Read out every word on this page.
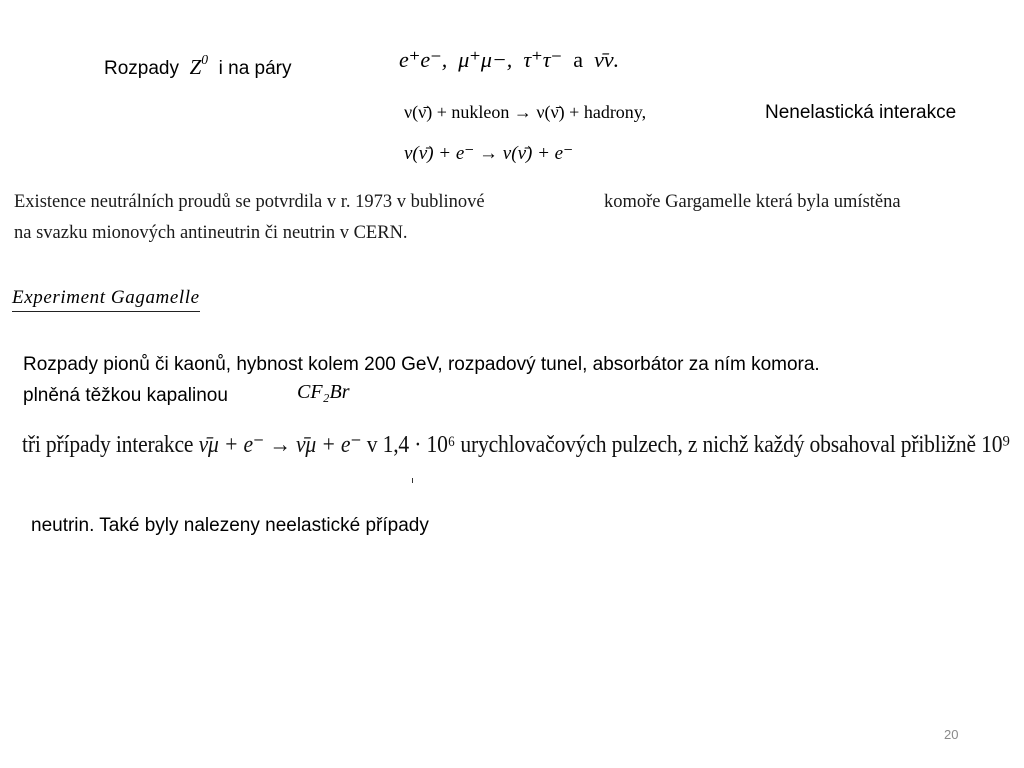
Rozpady $Z^0$ i na páry	e⁺e⁻, μ⁺μ−, τ⁺τ⁻ a ν̄ν.
ν(ν̄) + nukleon → ν(ν̄) + hadrony,	Nenelastická interakce
ν(ν̄) + e⁻ → ν(ν̄) + e⁻
Existence neutrálních proudů se potvrdila v r. 1973 v bublinové	komoře Gargamelle která byla umístěna
na svazku mionových antineutrin či neutrin v CERN.
Experiment Gagamelle
Rozpady pionů či kaonů, hybnost kolem 200 GeV, rozpadový tunel, absorbátor za ním komora.
plněná těžkou kapalinou	CF₂Br
tři případy interakce ν̄μ + e⁻ → ν̄μ + e⁻ v 1,4 · 10⁶ urychlovačových pulzech, z nichž každý obsahoval přibližně 10⁹
neutrin. Také byly nalezeny neelastické případy
20
